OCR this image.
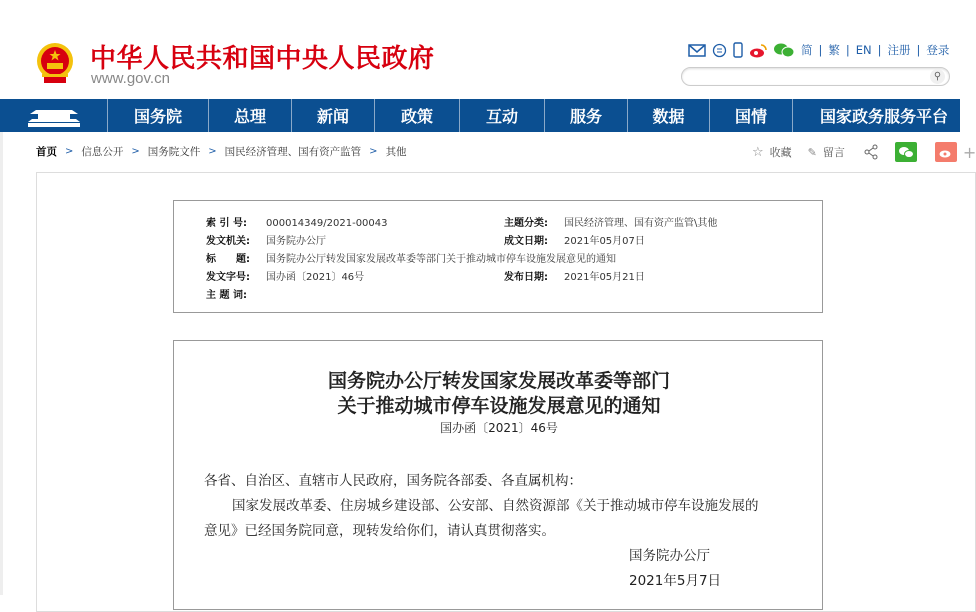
中华人民共和国中央人民政府
www.gov.cn
简 | 繁 | EN | 注册 | 登录
⚲
国务院	总理	新闻	政策	互动	服务	数据	国情	国家政务服务平台
首页 > 信息公开 > 国务院文件 > 国民经济管理、国有资产监管 > 其他	☆ 收藏 ✎ 留言	+
索 引 号: 000014349/2021-00043	主题分类: 国民经济管理、国有资产监管\其他
发文机关: 国务院办公厅	成文日期: 2021年05月07日
标　　题: 国务院办公厅转发国家发展改革委等部门关于推动城市停车设施发展意见的通知
发文字号: 国办函〔2021〕46号	发布日期: 2021年05月21日
主 题 词:
国务院办公厅转发国家发展改革委等部门
关于推动城市停车设施发展意见的通知
国办函〔2021〕46号
各省、自治区、直辖市人民政府，国务院各部委、各直属机构：
国家发展改革委、住房城乡建设部、公安部、自然资源部《关于推动城市停车设施发展的
意见》已经国务院同意，现转发给你们，请认真贯彻落实。
国务院办公厅
2021年5月7日
